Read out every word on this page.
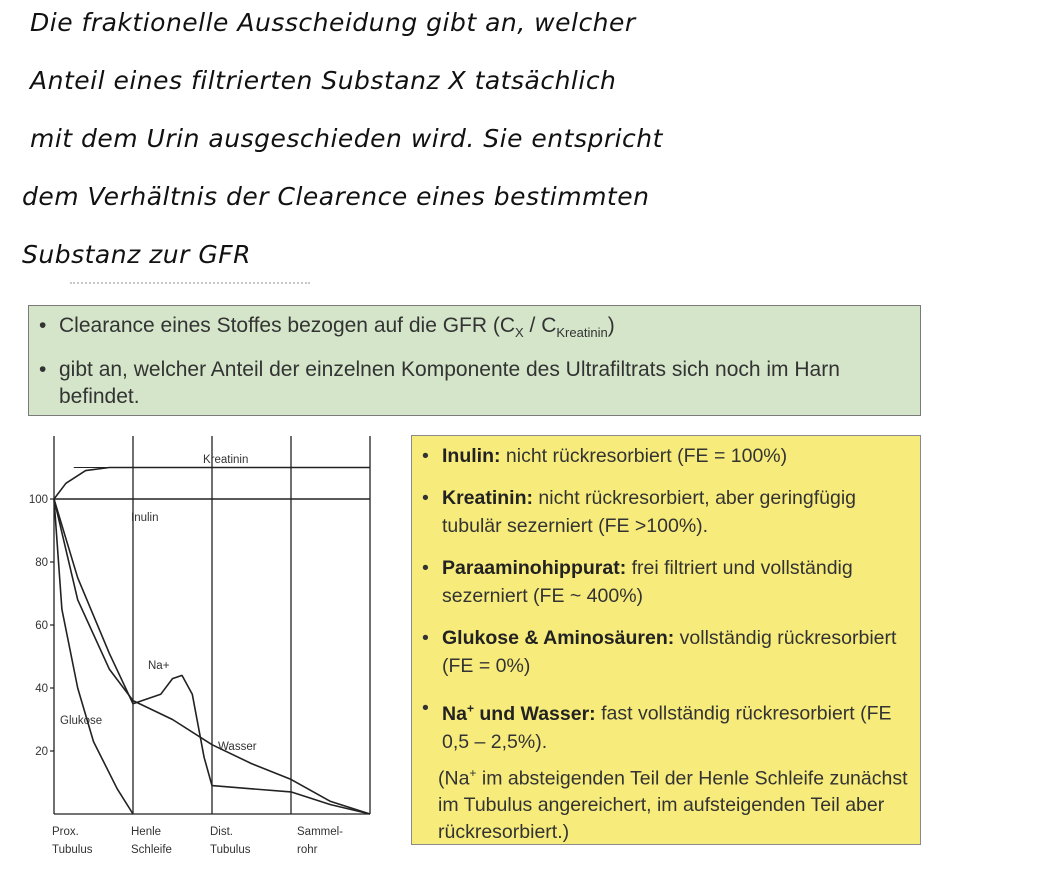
Die fraktionelle Ausscheidung gibt an, welcher
Anteil eines filtrierten Substanz X tatsächlich
mit dem Urin ausgeschieden wird. Sie entspricht
dem Verhältnis der Clearence eines bestimmten
Substanz zur GFR
• Clearance eines Stoffes bezogen auf die GFR $(C_X / C_{Kreatinin})$
• gibt an, welcher Anteil der einzelnen Komponente des Ultrafiltrats sich noch im Harn befindet.
100
80
60
40
20
Prox.
Tubulus
Henle
Schleife
Dist.
Tubulus
Sammel-
rohr
Kreatinin
Inulin
Na+
Wasser
Glukose
• Inulin: nicht rückresorbiert (FE = 100%)
• Kreatinin: nicht rückresorbiert, aber geringfügig tubulär sezerniert (FE >100%).
• Paraaminohippurat: frei filtriert und vollständig sezerniert (FE ~ 400%)
• Glukose & Aminosäuren: vollständig rückresorbiert (FE = 0%)
• Na+ und Wasser: fast vollständig rückresorbiert (FE 0,5 – 2,5%).
(Na+ im absteigenden Teil der Henle Schleife zunächst im Tubulus angereichert, im aufsteigenden Teil aber rückresorbiert.)
